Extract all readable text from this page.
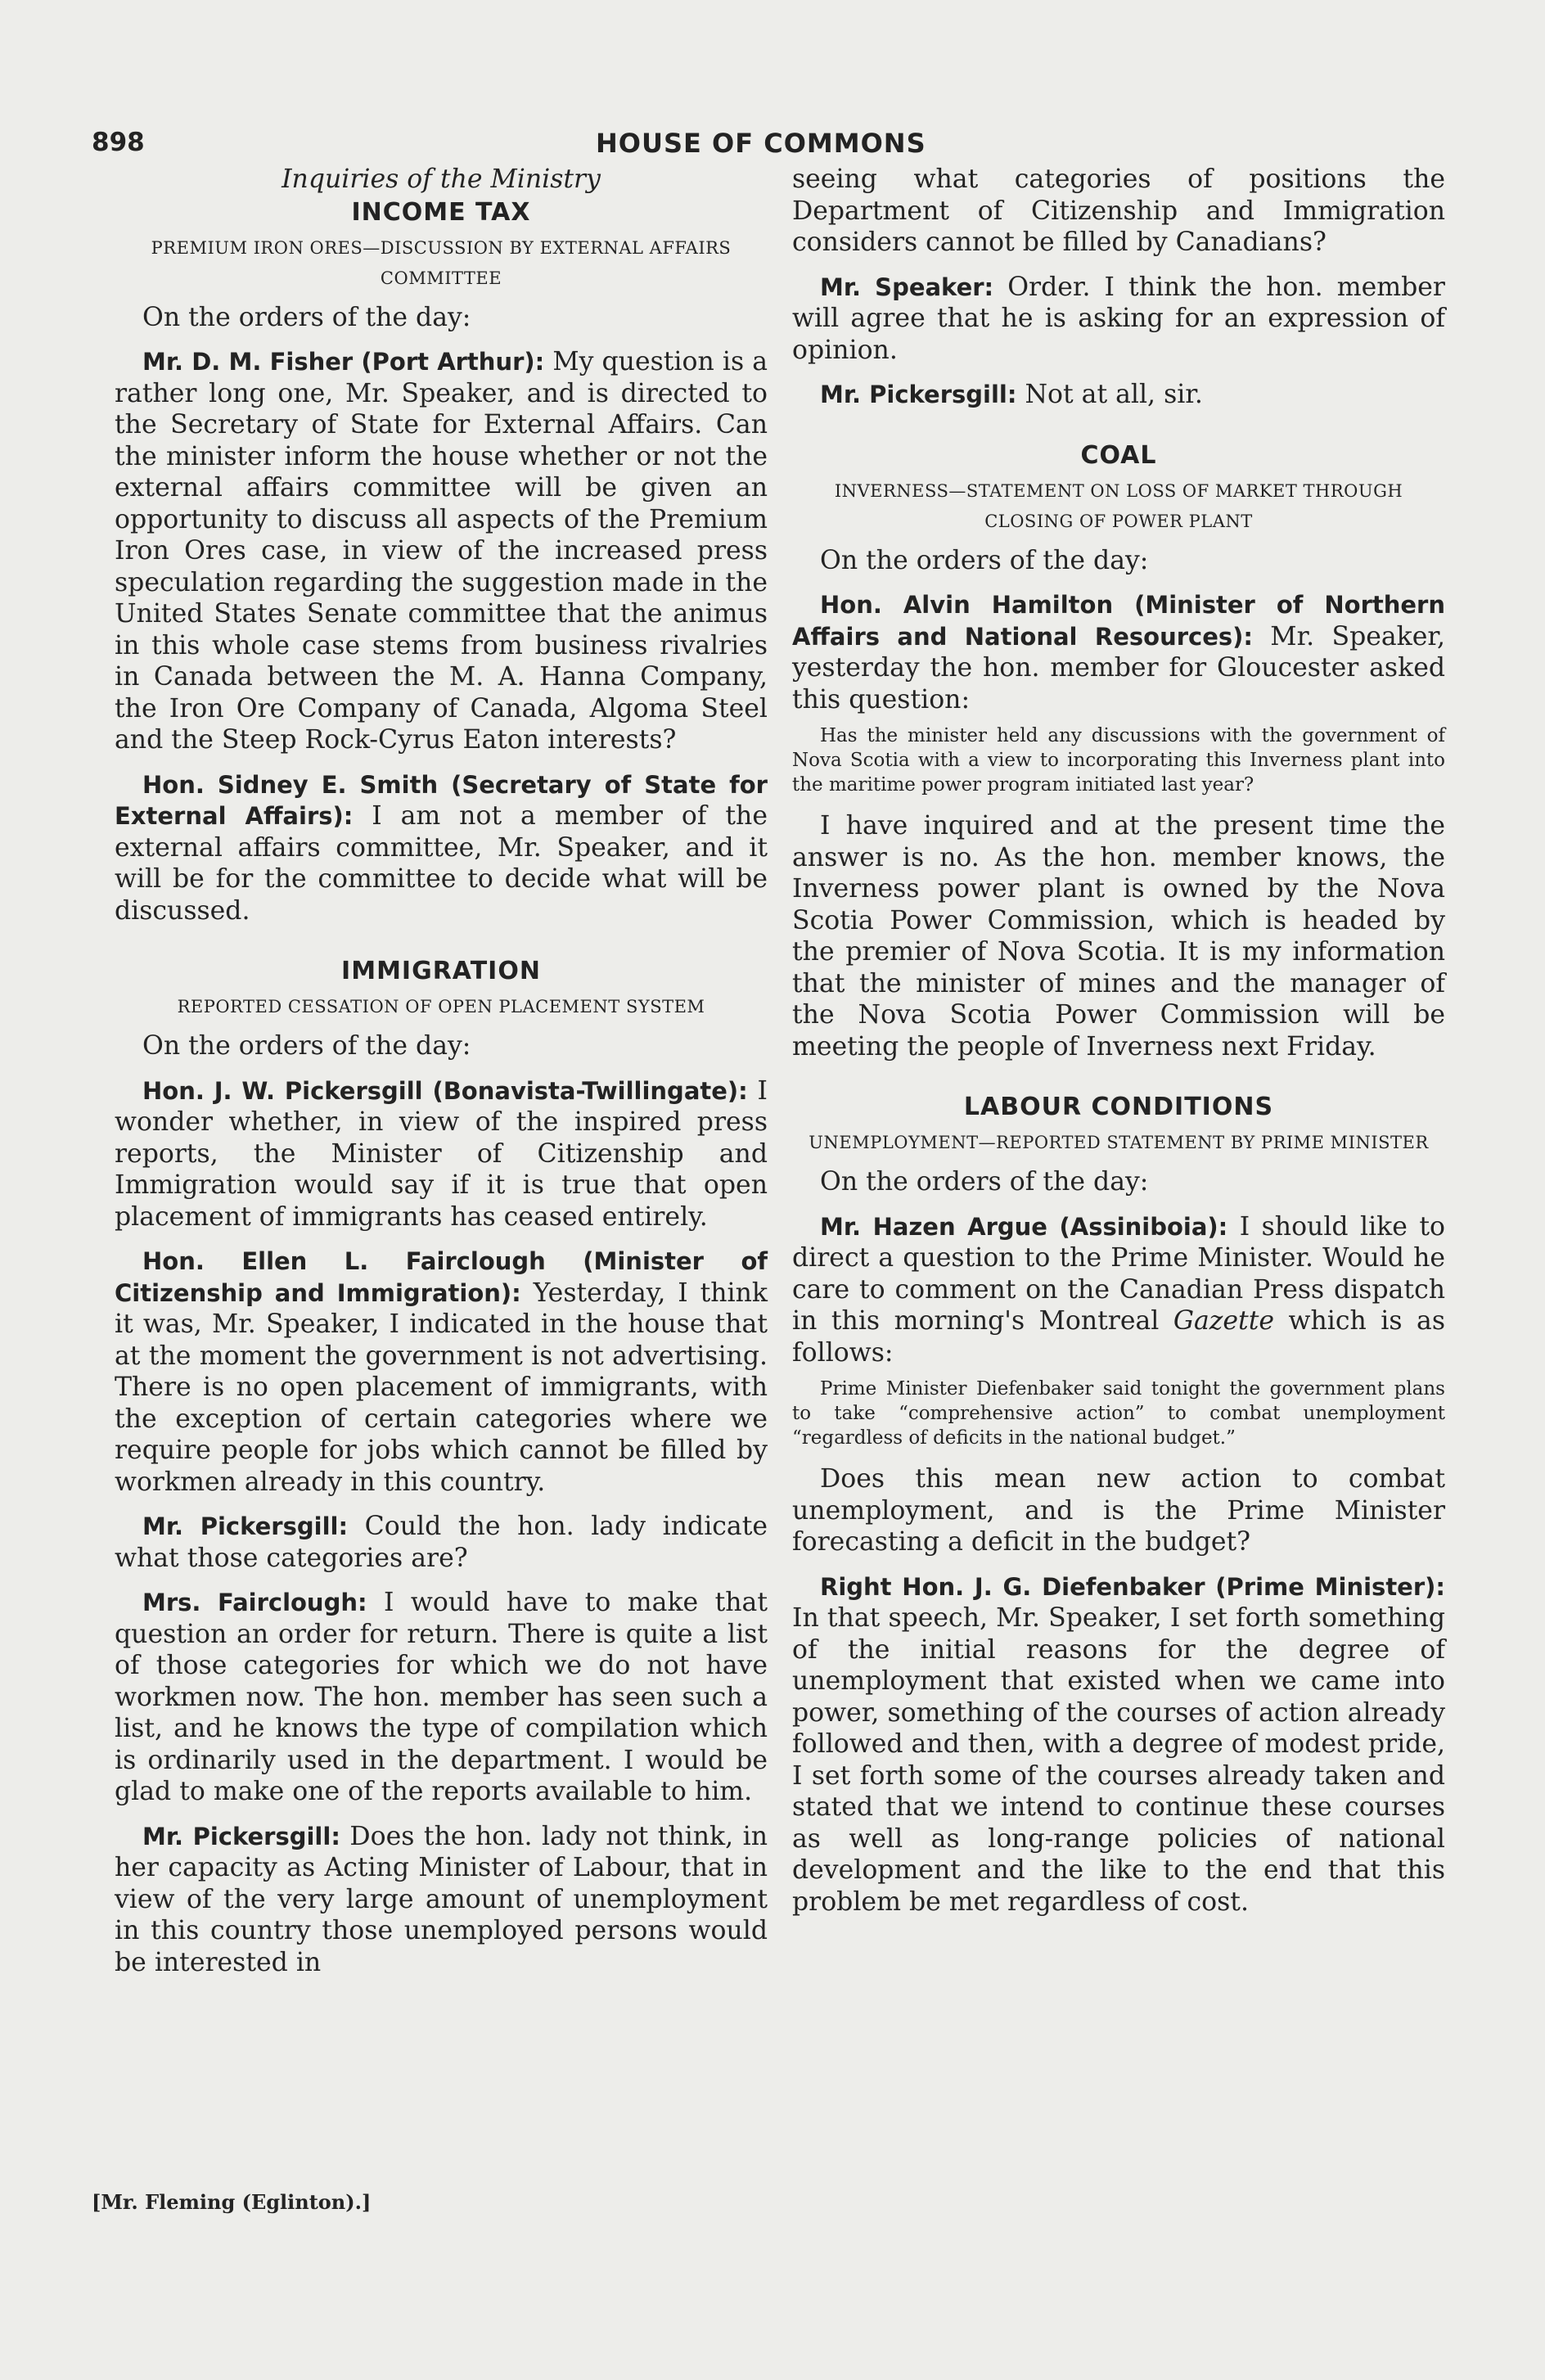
898	HOUSE OF COMMONS
Inquiries of the Ministry
INCOME TAX
PREMIUM IRON ORES—DISCUSSION BY EXTERNAL AFFAIRS COMMITTEE

On the orders of the day:

Mr. D. M. Fisher (Port Arthur): My question is a rather long one, Mr. Speaker, and is directed to the Secretary of State for External Affairs. Can the minister inform the house whether or not the external affairs committee will be given an opportunity to discuss all aspects of the Premium Iron Ores case, in view of the increased press speculation regarding the suggestion made in the United States Senate committee that the animus in this whole case stems from business rivalries in Canada between the M. A. Hanna Company, the Iron Ore Company of Canada, Algoma Steel and the Steep Rock-Cyrus Eaton interests?

Hon. Sidney E. Smith (Secretary of State for External Affairs): I am not a member of the external affairs committee, Mr. Speaker, and it will be for the committee to decide what will be discussed.

IMMIGRATION
REPORTED CESSATION OF OPEN PLACEMENT SYSTEM

On the orders of the day:

Hon. J. W. Pickersgill (Bonavista-Twillingate): I wonder whether, in view of the inspired press reports, the Minister of Citizenship and Immigration would say if it is true that open placement of immigrants has ceased entirely.

Hon. Ellen L. Fairclough (Minister of Citizenship and Immigration): Yesterday, I think it was, Mr. Speaker, I indicated in the house that at the moment the government is not advertising. There is no open placement of immigrants, with the exception of certain categories where we require people for jobs which cannot be filled by workmen already in this country.

Mr. Pickersgill: Could the hon. lady indicate what those categories are?

Mrs. Fairclough: I would have to make that question an order for return. There is quite a list of those categories for which we do not have workmen now. The hon. member has seen such a list, and he knows the type of compilation which is ordinarily used in the department. I would be glad to make one of the reports available to him.

Mr. Pickersgill: Does the hon. lady not think, in her capacity as Acting Minister of Labour, that in view of the very large amount of unemployment in this country those unemployed persons would be interested in

[Mr. Fleming (Eglinton).]

seeing what categories of positions the Department of Citizenship and Immigration considers cannot be filled by Canadians?

Mr. Speaker: Order. I think the hon. member will agree that he is asking for an expression of opinion.

Mr. Pickersgill: Not at all, sir.

COAL
INVERNESS—STATEMENT ON LOSS OF MARKET THROUGH CLOSING OF POWER PLANT

On the orders of the day:

Hon. Alvin Hamilton (Minister of Northern Affairs and National Resources): Mr. Speaker, yesterday the hon. member for Gloucester asked this question:

Has the minister held any discussions with the government of Nova Scotia with a view to incorporating this Inverness plant into the maritime power program initiated last year?

I have inquired and at the present time the answer is no. As the hon. member knows, the Inverness power plant is owned by the Nova Scotia Power Commission, which is headed by the premier of Nova Scotia. It is my information that the minister of mines and the manager of the Nova Scotia Power Commission will be meeting the people of Inverness next Friday.

LABOUR CONDITIONS
UNEMPLOYMENT—REPORTED STATEMENT BY PRIME MINISTER

On the orders of the day:

Mr. Hazen Argue (Assiniboia): I should like to direct a question to the Prime Minister. Would he care to comment on the Canadian Press dispatch in this morning's Montreal Gazette which is as follows:

Prime Minister Diefenbaker said tonight the government plans to take “comprehensive action” to combat unemployment “regardless of deficits in the national budget.”

Does this mean new action to combat unemployment, and is the Prime Minister forecasting a deficit in the budget?

Right Hon. J. G. Diefenbaker (Prime Minister): In that speech, Mr. Speaker, I set forth something of the initial reasons for the degree of unemployment that existed when we came into power, something of the courses of action already followed and then, with a degree of modest pride, I set forth some of the courses already taken and stated that we intend to continue these courses as well as long-range policies of national development and the like to the end that this problem be met regardless of cost.
